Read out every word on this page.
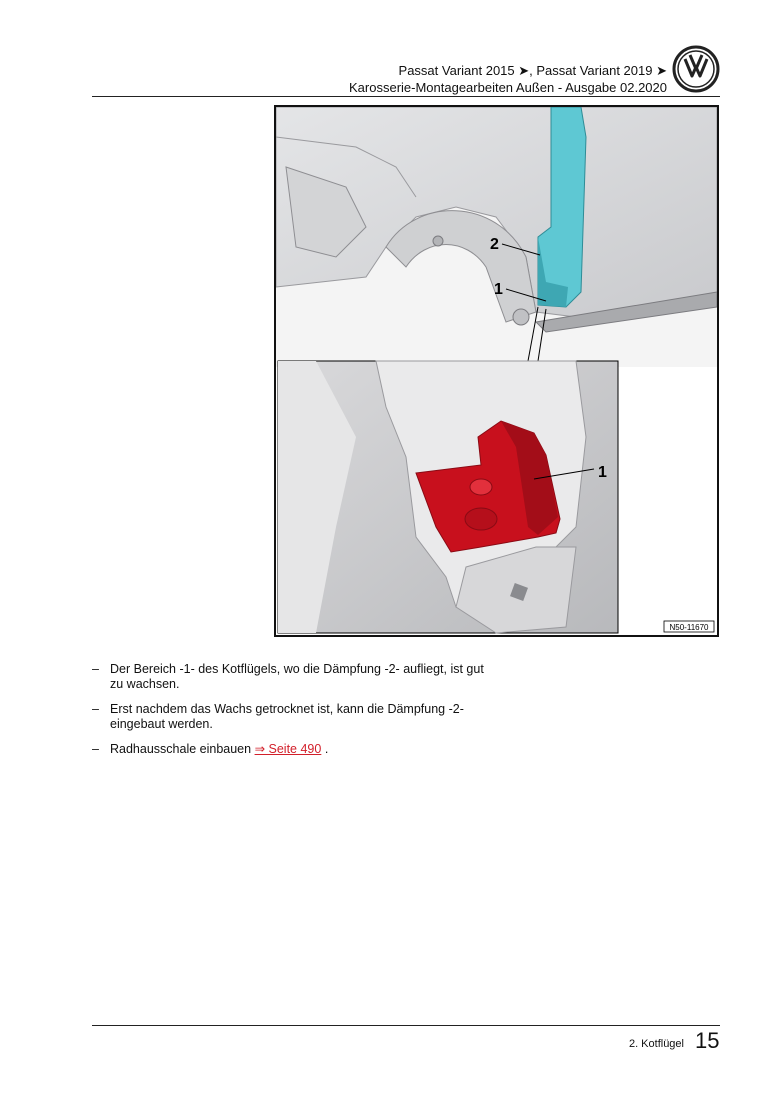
Passat Variant 2015 ➤, Passat Variant 2019 ➤
Karosserie-Montagearbeiten Außen - Ausgabe 02.2020
2
1
1
N50-11670
– Der Bereich -1- des Kotflügels, wo die Dämpfung -2- aufliegt, ist gut zu wachsen.
– Erst nachdem das Wachs getrocknet ist, kann die Dämpfung -2- eingebaut werden.
– Radhausschale einbauen ⇒ Seite 490 .
2. Kotflügel 15
